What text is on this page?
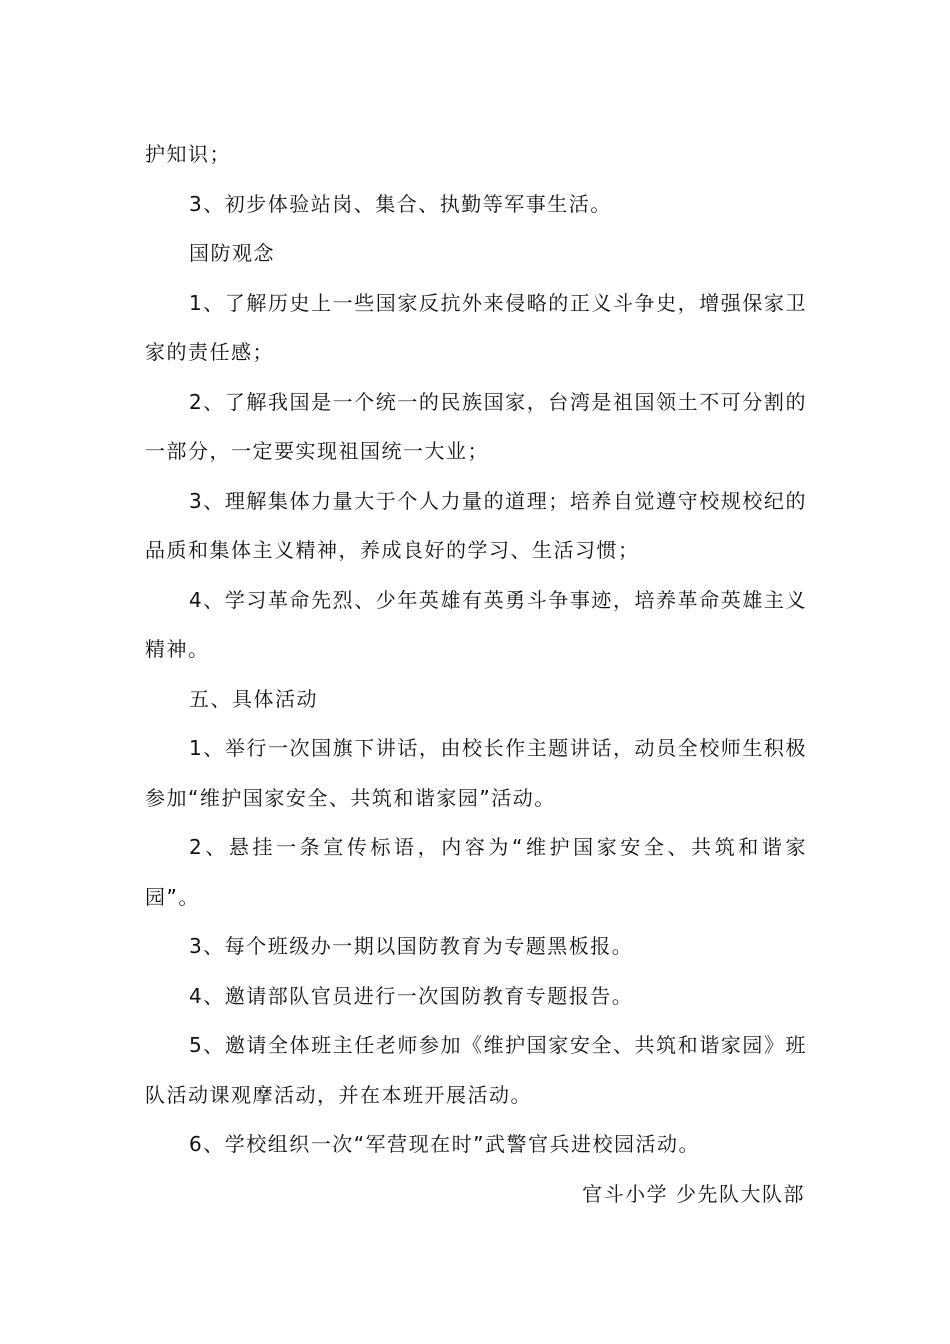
护知识；

3、初步体验站岗、集合、执勤等军事生活。

国防观念

1、了解历史上一些国家反抗外来侵略的正义斗争史，增强保家卫家的责任感；

2、了解我国是一个统一的民族国家，台湾是祖国领土不可分割的一部分，一定要实现祖国统一大业；

3、理解集体力量大于个人力量的道理；培养自觉遵守校规校纪的品质和集体主义精神，养成良好的学习、生活习惯；

4、学习革命先烈、少年英雄有英勇斗争事迹，培养革命英雄主义精神。

五、具体活动

1、举行一次国旗下讲话，由校长作主题讲话，动员全校师生积极参加“维护国家安全、共筑和谐家园”活动。

2、悬挂一条宣传标语，内容为“维护国家安全、共筑和谐家园”。

3、每个班级办一期以国防教育为专题黑板报。

4、邀请部队官员进行一次国防教育专题报告。

5、邀请全体班主任老师参加《维护国家安全、共筑和谐家园》班队活动课观摩活动，并在本班开展活动。

6、学校组织一次“军营现在时”武警官兵进校园活动。

官斗小学 少先队大队部
